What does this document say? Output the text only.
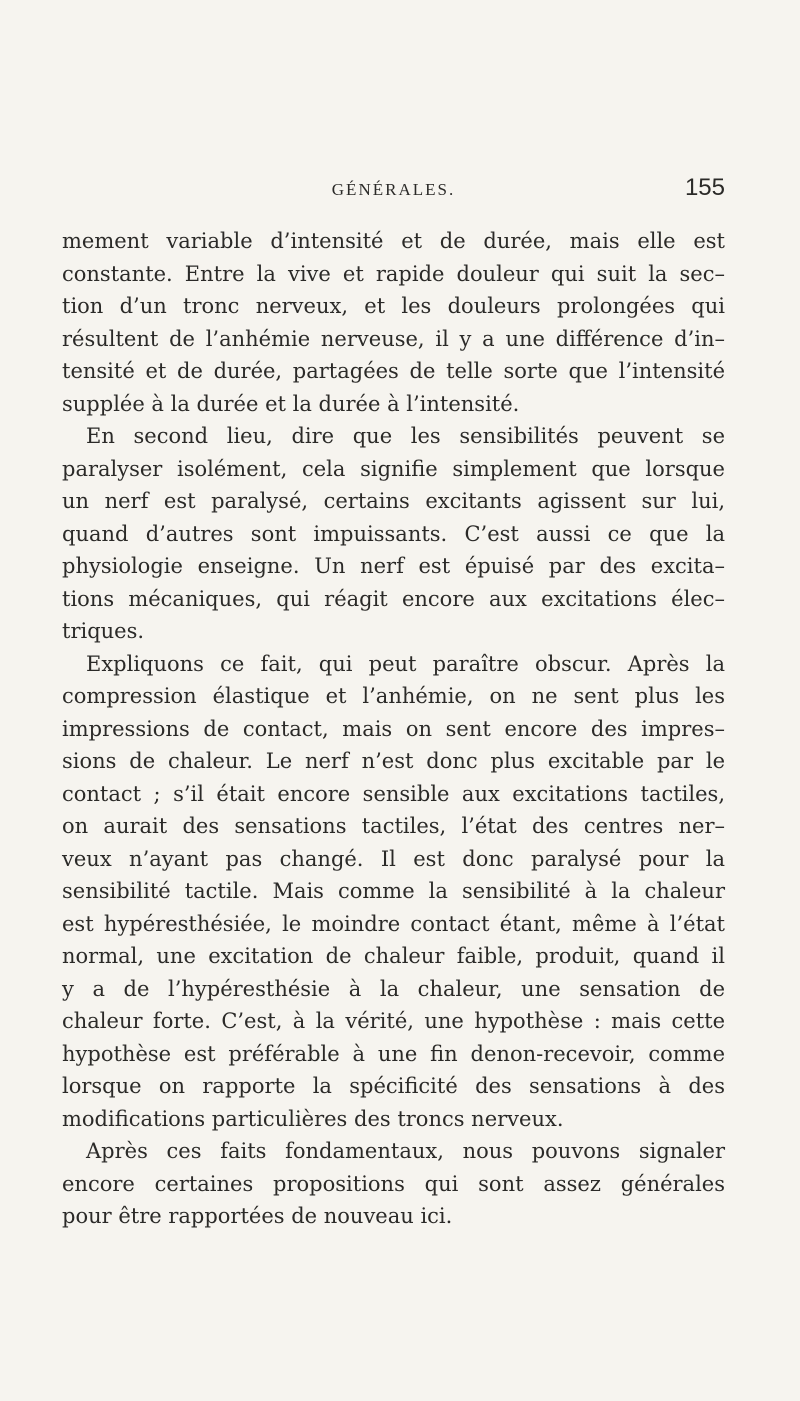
GÉNÉRALES.	155
mement variable d’intensité et de durée, mais elle est
constante. Entre la vive et rapide douleur qui suit la sec–
tion d’un tronc nerveux, et les douleurs prolongées qui
résultent de l’anhémie nerveuse, il y a une différence d’in–
tensité et de durée, partagées de telle sorte que l’intensité
supplée à la durée et la durée à l’intensité.
En second lieu, dire que les sensibilités peuvent se
paralyser isolément, cela signifie simplement que lorsque
un nerf est paralysé, certains excitants agissent sur lui,
quand d’autres sont impuissants. C’est aussi ce que la
physiologie enseigne. Un nerf est épuisé par des excita–
tions mécaniques, qui réagit encore aux excitations élec–
triques.
Expliquons ce fait, qui peut paraître obscur. Après la
compression élastique et l’anhémie, on ne sent plus les
impressions de contact, mais on sent encore des impres–
sions de chaleur. Le nerf n’est donc plus excitable par le
contact ; s’il était encore sensible aux excitations tactiles,
on aurait des sensations tactiles, l’état des centres ner–
veux n’ayant pas changé. Il est donc paralysé pour la
sensibilité tactile. Mais comme la sensibilité à la chaleur
est hypéresthésiée, le moindre contact étant, même à l’état
normal, une excitation de chaleur faible, produit, quand il
y a de l’hypéresthésie à la chaleur, une sensation de
chaleur forte. C’est, à la vérité, une hypothèse : mais cette
hypothèse est préférable à une fin denon-recevoir, comme
lorsque on rapporte la spécificité des sensations à des
modifications particulières des troncs nerveux.
Après ces faits fondamentaux, nous pouvons signaler
encore certaines propositions qui sont assez générales
pour être rapportées de nouveau ici.
